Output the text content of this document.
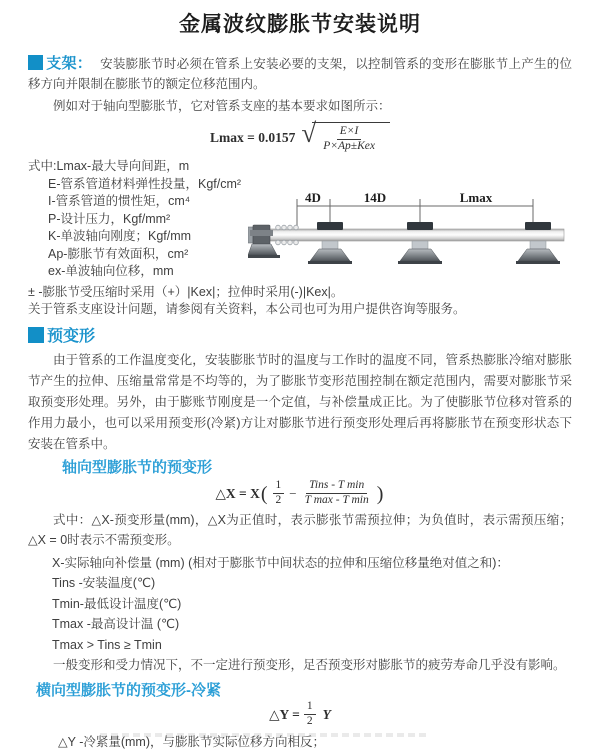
金属波纹膨胀节安装说明

支架： 安装膨胀节时必须在管系上安装必要的支架，以控制管系的变形在膨胀节上产生的位移方向并限制在膨胀节的额定位移范围内。

例如对于轴向型膨胀节，它对管系支座的基本要求如图所示：

Lmax = 0.0157 √ $\frac{E\times I}{\text{P×Ap±Kex}}$

式中:Lmax-最大导向间距，m

E-管系管道材料弹性投量，Kgf/cm²

I-管系管道的惯性矩，cm⁴

P-设计压力，Kgf/mm²

K-单波轴向刚度；Kgf/mm

Ap-膨胀节有效面积，cm²

ex-单波轴向位移，mm

± -膨胀节受压缩时采用（+）|Kex|；拉伸时采用(-)|Kex|。

关于管系支座设计问题，请参阅有关资料，本公司也可为用户提供咨询等服务。

4D	14D	Lmax

预变形

由于管系的工作温度变化，安装膨胀节时的温度与工作时的温度不同，管系热膨胀冷缩对膨胀节产生的拉伸、压缩量常常是不均等的，为了膨胀节变形范围控制在额定范围内，需要对膨胀节采取预变形处理。另外，由于膨账节刚度是一个定值，与补偿量成正比。为了使膨胀节位移对管系的作用力最小，也可以采用预变形(冷紧)方让对膨胀节进行预变形处理后再将膨胀节在预变形状态下安装在管系中。

轴向型膨胀节的预变形

△X = X ( $\frac{1}{2} - \frac{\text{Tins - T min}}{\text{T max - T min}}$ )

式中：△X-预变形量(mm)，△X为正值时，表示膨张节需预拉伸；为负值时，表示需预压缩；△X = 0时表示不需预变形。

X-实际轴向补偿量 (mm) (相对于膨胀节中间状态的拉伸和压缩位移量绝对值之和)：

Tins -安装温度(℃)

Tmin-最低设计温度(℃)

Tmax -最高设计温 (℃)

Tmax > Tins ≥ Tmin

一般变形和受力情况下，不一定进行预变形，足否预变形对膨胀节的疲劳寿命几乎没有影响。

横向型膨胀节的预变形-冷紧

△Y = $\frac{1}{2}$ Y

△Y -冷紧量(mm)，与膨胀节实际位移方向相反；
